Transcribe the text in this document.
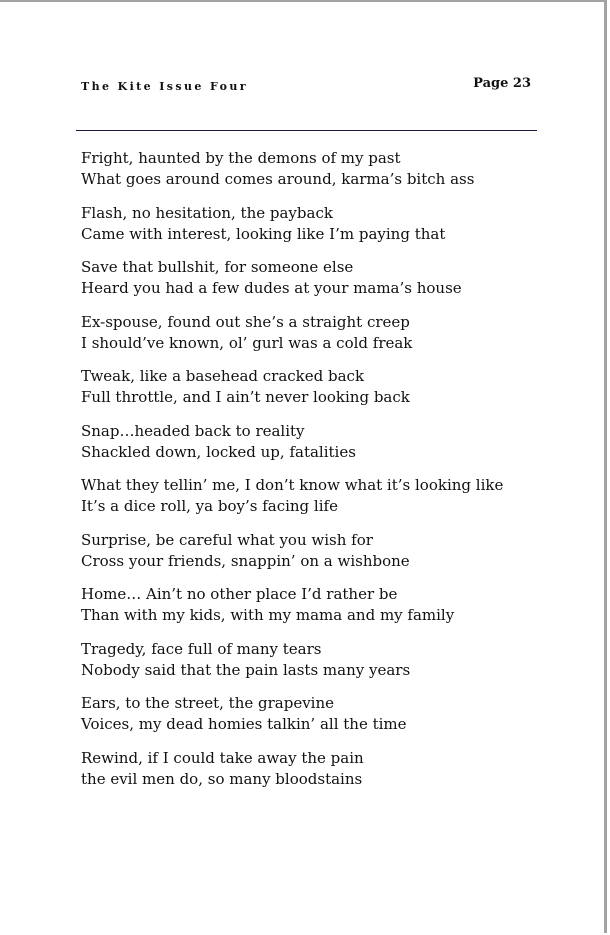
The Kite Issue Four	Page 23
Fright, haunted by the demons of my past
What goes around comes around, karma’s bitch ass
Flash, no hesitation, the payback
Came with interest, looking like I’m paying that
Save that bullshit, for someone else
Heard you had a few dudes at your mama’s house
Ex-spouse, found out she’s a straight creep
I should’ve known, ol’ gurl was a cold freak
Tweak, like a basehead cracked back
Full throttle, and I ain’t never looking back
Snap…headed back to reality
Shackled down, locked up, fatalities
What they tellin’ me, I don’t know what it’s looking like
It’s a dice roll, ya boy’s facing life
Surprise, be careful what you wish for
Cross your friends, snappin’ on a wishbone
Home… Ain’t no other place I’d rather be
Than with my kids, with my mama and my family
Tragedy, face full of many tears
Nobody said that the pain lasts many years
Ears, to the street, the grapevine
Voices, my dead homies talkin’ all the time
Rewind, if I could take away the pain
the evil men do, so many bloodstains
